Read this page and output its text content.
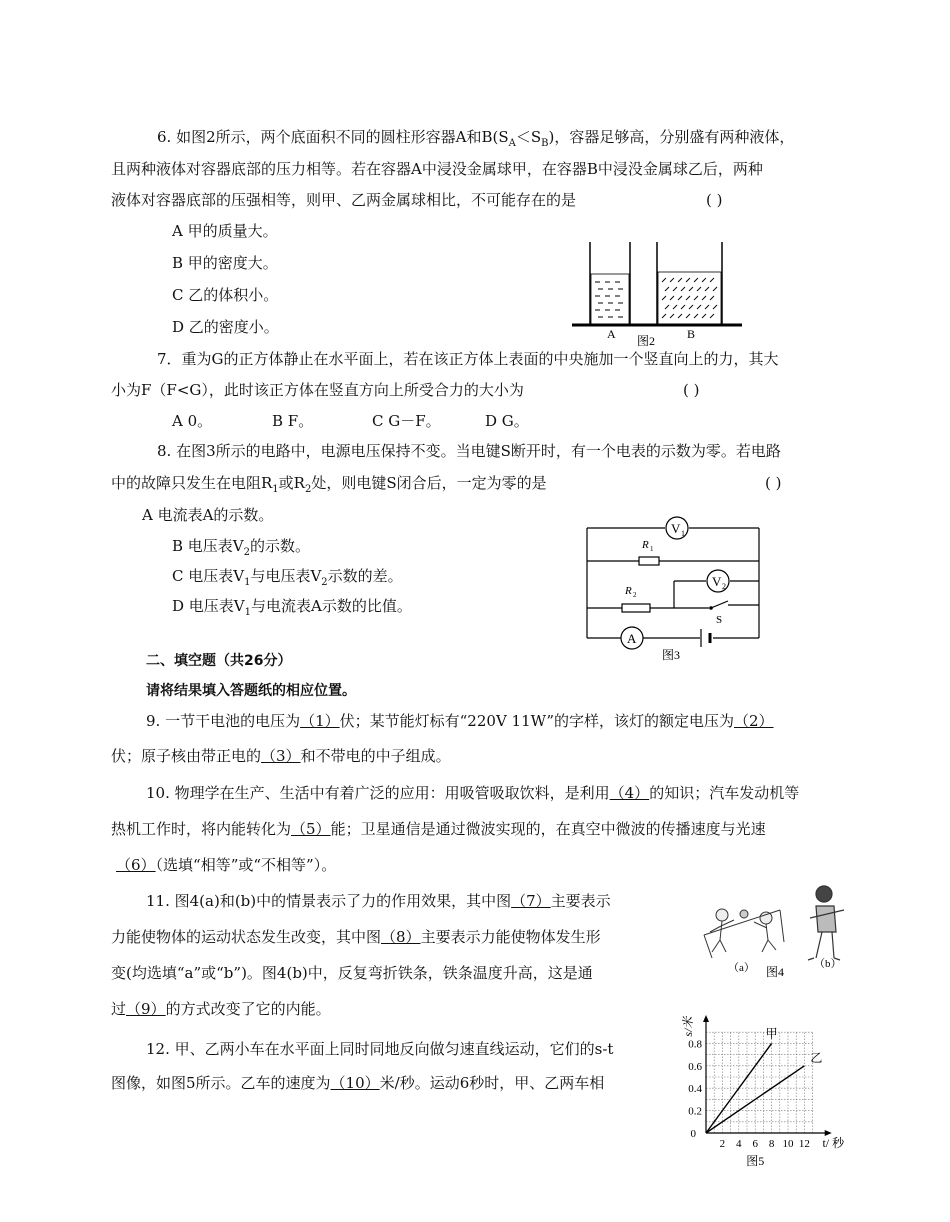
6. 如图2所示，两个底面积不同的圆柱形容器A和$B(S_A<S_B)$，容器足够高，分别盛有两种液体，
且两种液体对容器底部的压力相等。若在容器A中浸没金属球甲，在容器B中浸没金属球乙后，两种
液体对容器底部的压强相等，则甲、乙两金属球相比，不可能存在的是	( )
A 甲的质量大。
B 甲的密度大。
C 乙的体积小。
D 乙的密度小。	A	B
图2
7．重为G的正方体静止在水平面上，若在该正方体上表面的中央施加一个竖直向上的力，其大
小为F（F<G），此时该正方体在竖直方向上所受合力的大小为	( )
A 0。	B F。	C G－F。	D G。
8. 在图3所示的电路中，电源电压保持不变。当电键S断开时，有一个电表的示数为零。若电路
中的故障只发生在电阻$R_1$或$R_2$处，则电键S闭合后，一定为零的是	( )
A 电流表A的示数。
B 电压表$V_2$的示数。
C 电压表$V_1$与电压表$V_2$示数的差。
D 电压表$V_1$与电流表A示数的比值。
V 1
R 1
R 2
V 2
S
A
图3
二、填空题（共26分）
请将结果填入答题纸的相应位置。
9. 一节干电池的电压为（1）伏；某节能灯标有“220V 11W”的字样，该灯的额定电压为（2）
伏；原子核由带正电的（3）和不带电的中子组成。
10. 物理学在生产、生活中有着广泛的应用：用吸管吸取饮料，是利用（4）的知识；汽车发动机等
热机工作时，将内能转化为（5）能；卫星通信是通过微波实现的，在真空中微波的传播速度与光速
（6）（选填“相等”或“不相等”）。
11. 图4(a)和(b)中的情景表示了力的作用效果，其中图（7）主要表示
力能使物体的运动状态发生改变，其中图（8）主要表示力能使物体发生形
变(均选填“a”或“b”)。图4(b)中，反复弯折铁条，铁条温度升高，这是通
过（9）的方式改变了它的内能。
（a） 图4
（b）
12. 甲、乙两小车在水平面上同时同地反向做匀速直线运动，它们的s-t
图像，如图5所示。乙车的速度为（10）米/秒。运动6秒时，甲、乙两车相
s/米
t/ 秒
2 4 6 8 10 12
0
0.2
0.4
0.6
0.8
图5
甲
乙
